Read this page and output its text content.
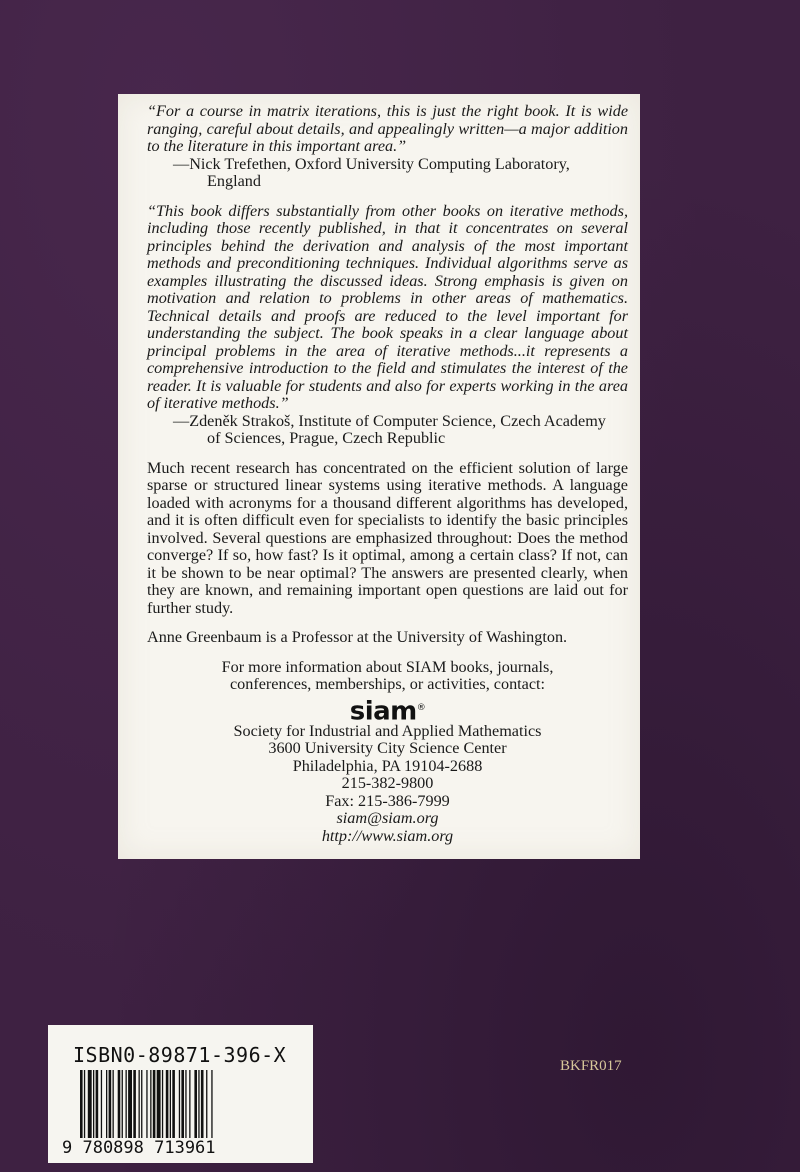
“For a course in matrix iterations, this is just the right book. It is wide ranging, careful about details, and appealingly written—a major addition to the literature in this important area.”

—Nick Trefethen, Oxford University Computing Laboratory,
England

“This book differs substantially from other books on iterative methods, including those recently published, in that it concentrates on several principles behind the derivation and analysis of the most important methods and preconditioning techniques. Individual algorithms serve as examples illustrating the discussed ideas. Strong emphasis is given on motivation and relation to problems in other areas of mathematics. Technical details and proofs are reduced to the level important for understanding the subject. The book speaks in a clear language about principal problems in the area of iterative methods...it represents a comprehensive introduction to the field and stimulates the interest of the reader. It is valuable for students and also for experts working in the area of iterative methods.”

—Zdeněk Strakoš, Institute of Computer Science, Czech Academy
of Sciences, Prague, Czech Republic

Much recent research has concentrated on the efficient solution of large sparse or structured linear systems using iterative methods. A language loaded with acronyms for a thousand different algorithms has developed, and it is often difficult even for specialists to identify the basic principles involved. Several questions are emphasized throughout: Does the method converge? If so, how fast? Is it optimal, among a certain class? If not, can it be shown to be near optimal? The answers are presented clearly, when they are known, and remaining important open questions are laid out for further study.

Anne Greenbaum is a Professor at the University of Washington.

For more information about SIAM books, journals,
conferences, memberships, or activities, contact:

siam®

Society for Industrial and Applied Mathematics

3600 University City Science Center

Philadelphia, PA 19104-2688

215-382-9800

Fax: 215-386-7999

siam@siam.org

http://www.siam.org

ISBN0-89871-396-X
9 780898 713961
BKFR017
